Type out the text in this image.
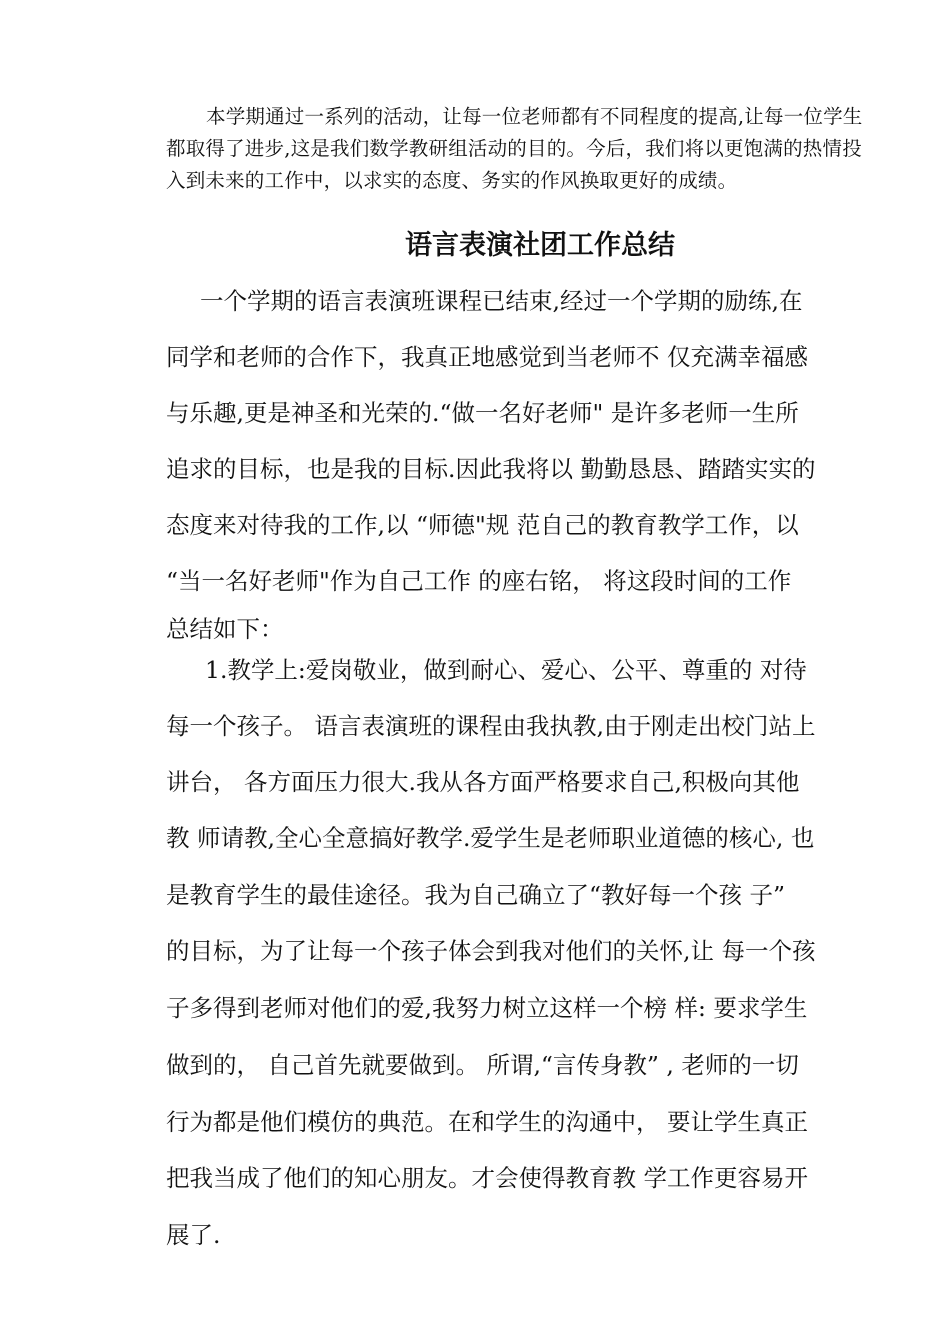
本学期通过一系列的活动，让每一位老师都有不同程度的提高,让每一位学生都取得了进步,这是我们数学教研组活动的目的。今后，我们将以更饱满的热情投入到未来的工作中，以求实的态度、务实的作风换取更好的成绩。

语言表演社团工作总结

一个学期的语言表演班课程已结束,经过一个学期的励练,在

同学和老师的合作下，我真正地感觉到当老师不 仅充满幸福感

与乐趣,更是神圣和光荣的.“做一名好老师" 是许多老师一生所

追求的目标，也是我的目标.因此我将以 勤勤恳恳、踏踏实实的

态度来对待我的工作,以 “师德"规 范自己的教育教学工作，以

“当一名好老师"作为自己工作 的座右铭， 将这段时间的工作

总结如下：

1.教学上:爱岗敬业，做到耐心、爱心、公平、尊重的 对待

每一个孩子。 语言表演班的课程由我执教,由于刚走出校门站上

讲台， 各方面压力很大.我从各方面严格要求自己,积极向其他

教 师请教,全心全意搞好教学.爱学生是老师职业道德的核心, 也

是教育学生的最佳途径。我为自己确立了“教好每一个孩 子”

的目标，为了让每一个孩子体会到我对他们的关怀,让 每一个孩

子多得到老师对他们的爱,我努力树立这样一个榜 样: 要求学生

做到的， 自己首先就要做到。 所谓,“言传身教” , 老师的一切

行为都是他们模仿的典范。在和学生的沟通中， 要让学生真正

把我当成了他们的知心朋友。才会使得教育教 学工作更容易开

展了.
